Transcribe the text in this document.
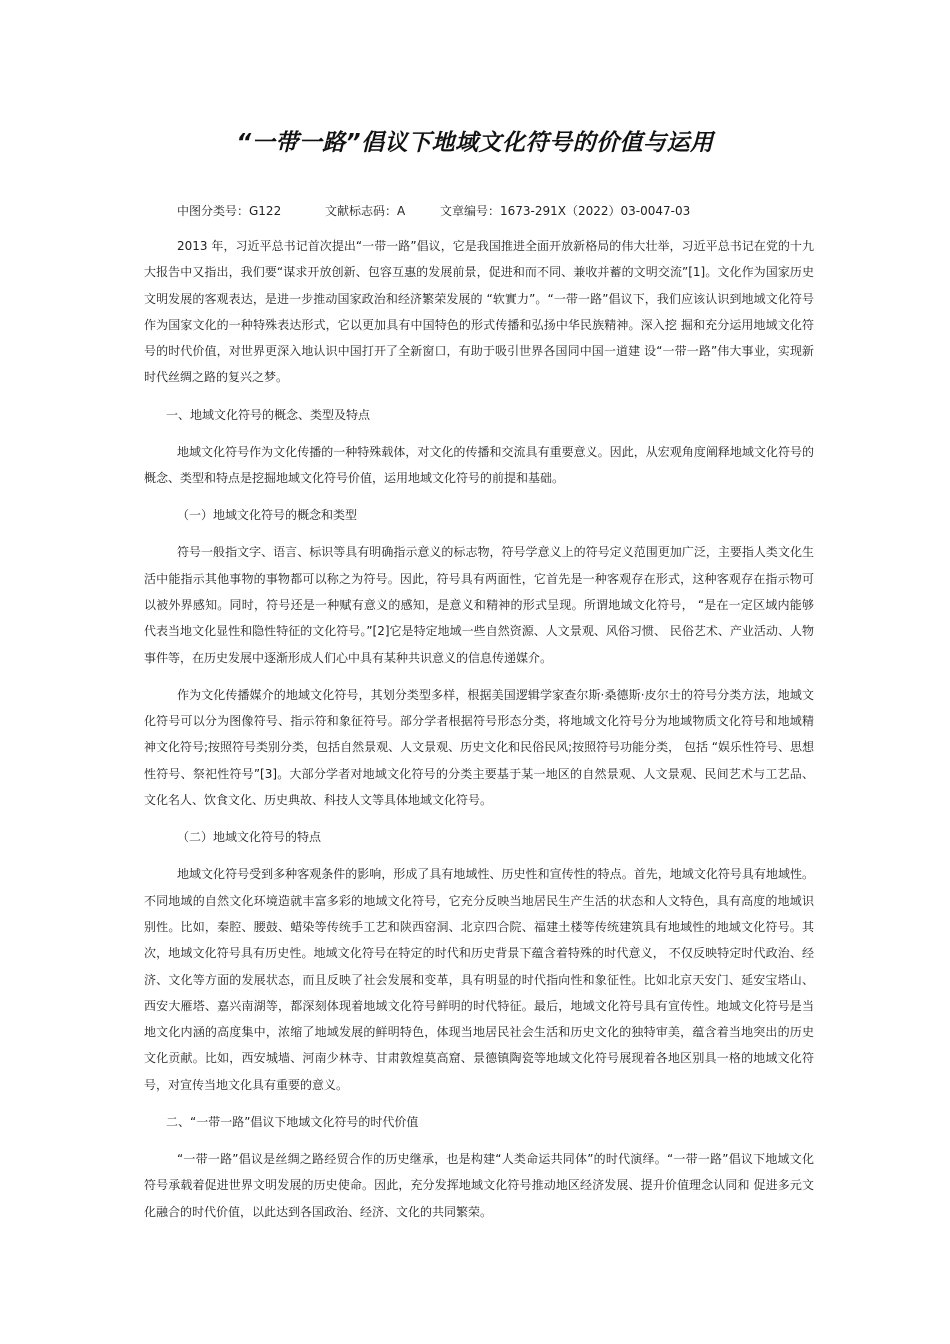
“一带一路”倡议下地域文化符号的价值与运用
中图分类号：G122	文献标志码：A	文章编号：1673-291X（2022）03-0047-03

2013 年，习近平总书记首次提出“一带一路”倡议，它是我国推进全面开放新格局的伟大壮举，习近平总书记在党的十九大报告中又指出，我们要“谋求开放创新、包容互惠的发展前景，促进和而不同、兼收并蓄的文明交流”[1]。文化作为国家历史文明发展的客观表达，是进一步推动国家政治和经济繁荣发展的 “软實力”。“一带一路”倡议下，我们应该认识到地域文化符号作为国家文化的一种特殊表达形式，它以更加具有中国特色的形式传播和弘扬中华民族精神。深入挖 掘和充分运用地域文化符号的时代价值，对世界更深入地认识中国打开了全新窗口，有助于吸引世界各国同中国一道建 设“一带一路”伟大事业，实现新时代丝绸之路的复兴之梦。

一、地域文化符号的概念、类型及特点

地域文化符号作为文化传播的一种特殊载体，对文化的传播和交流具有重要意义。因此，从宏观角度阐释地域文化符号的概念、类型和特点是挖掘地域文化符号价值，运用地域文化符号的前提和基础。

（一）地域文化符号的概念和类型

符号一般指文字、语言、标识等具有明确指示意义的标志物，符号学意义上的符号定义范围更加广泛，主要指人类文化生活中能指示其他事物的事物都可以称之为符号。因此，符号具有两面性，它首先是一种客观存在形式，这种客观存在指示物可以被外界感知。同时，符号还是一种赋有意义的感知，是意义和精神的形式呈现。所谓地域文化符号， “是在一定区域内能够代表当地文化显性和隐性特征的文化符号。”[2]它是特定地域一些自然资源、人文景观、风俗习惯、 民俗艺术、产业活动、人物事件等，在历史发展中逐渐形成人们心中具有某种共识意义的信息传递媒介。

作为文化传播媒介的地域文化符号，其划分类型多样，根据美国逻辑学家查尔斯·桑德斯·皮尔士的符号分类方法，地域文化符号可以分为图像符号、指示符和象征符号。部分学者根据符号形态分类，将地域文化符号分为地域物质文化符号和地域精神文化符号;按照符号类别分类，包括自然景观、人文景观、历史文化和民俗民风;按照符号功能分类， 包括 “娱乐性符号、思想性符号、祭祀性符号”[3]。大部分学者对地域文化符号的分类主要基于某一地区的自然景观、人文景观、民间艺术与工艺品、文化名人、饮食文化、历史典故、科技人文等具体地域文化符号。

（二）地域文化符号的特点

地域文化符号受到多种客观条件的影响，形成了具有地域性、历史性和宣传性的特点。首先，地域文化符号具有地域性。不同地域的自然文化环境造就丰富多彩的地域文化符号，它充分反映当地居民生产生活的状态和人文特色，具有高度的地域识别性。比如，秦腔、腰鼓、蜡染等传统手工艺和陕西窑洞、北京四合院、福建土楼等传统建筑具有地域性的地域文化符号。其次，地域文化符号具有历史性。地域文化符号在特定的时代和历史背景下蕴含着特殊的时代意义， 不仅反映特定时代政治、经济、文化等方面的发展状态，而且反映了社会发展和变革，具有明显的时代指向性和象征性。比如北京天安门、延安宝塔山、西安大雁塔、嘉兴南湖等，都深刻体现着地域文化符号鲜明的时代特征。最后，地域文化符号具有宣传性。地域文化符号是当地文化内涵的高度集中，浓缩了地域发展的鲜明特色，体现当地居民社会生活和历史文化的独特审美，蕴含着当地突出的历史文化贡献。比如，西安城墙、河南少林寺、甘肃敦煌莫高窟、景德镇陶瓷等地域文化符号展现着各地区别具一格的地域文化符号，对宣传当地文化具有重要的意义。

二、“一带一路”倡议下地域文化符号的时代价值

“一带一路”倡议是丝绸之路经贸合作的历史继承，也是构建“人类命运共同体”的时代演绎。“一带一路”倡议下地域文化符号承载着促进世界文明发展的历史使命。因此，充分发挥地域文化符号推动地区经济发展、提升价值理念认同和 促进多元文化融合的时代价值，以此达到各国政治、经济、文化的共同繁荣。
